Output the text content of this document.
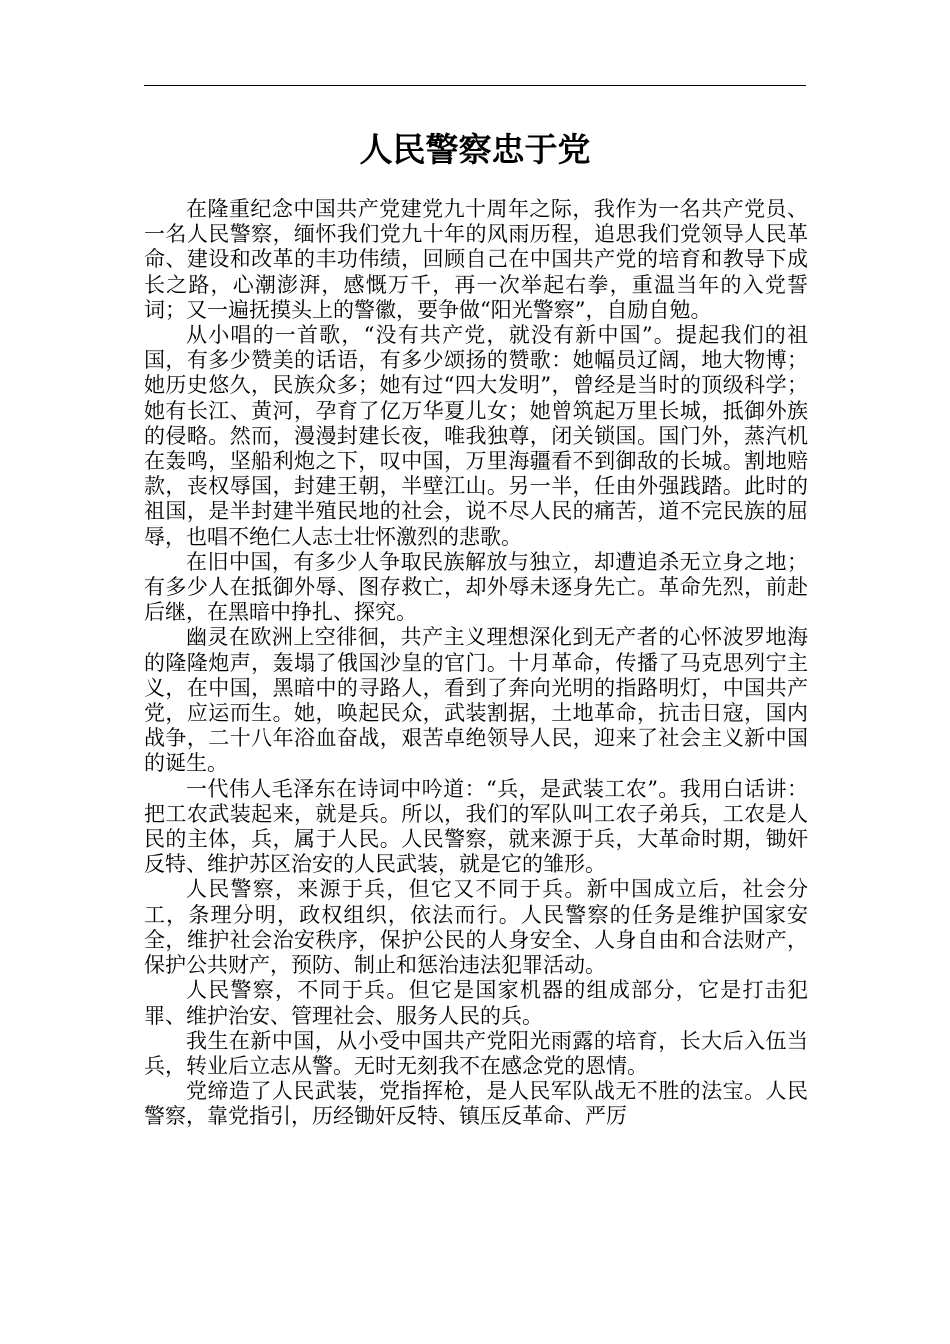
人民警察忠于党

在隆重纪念中国共产党建党九十周年之际，我作为一名共产党员、一名人民警察，缅怀我们党九十年的风雨历程，追思我们党领导人民革命、建设和改革的丰功伟绩，回顾自己在中国共产党的培育和教导下成长之路，心潮澎湃，感慨万千，再一次举起右拳，重温当年的入党誓词；又一遍抚摸头上的警徽，要争做“阳光警察”，自励自勉。

从小唱的一首歌，“没有共产党，就没有新中国”。提起我们的祖国，有多少赞美的话语，有多少颂扬的赞歌：她幅员辽阔，地大物博；她历史悠久，民族众多；她有过“四大发明”，曾经是当时的顶级科学；她有长江、黄河，孕育了亿万华夏儿女；她曾筑起万里长城，抵御外族的侵略。然而，漫漫封建长夜，唯我独尊，闭关锁国。国门外，蒸汽机在轰鸣，坚船利炮之下，叹中国，万里海疆看不到御敌的长城。割地赔款，丧权辱国，封建王朝，半壁江山。另一半，任由外强践踏。此时的祖国，是半封建半殖民地的社会，说不尽人民的痛苦，道不完民族的屈辱，也唱不绝仁人志士壮怀激烈的悲歌。

在旧中国，有多少人争取民族解放与独立，却遭追杀无立身之地；有多少人在抵御外辱、图存救亡，却外辱未逐身先亡。革命先烈，前赴后继，在黑暗中挣扎、探究。

幽灵在欧洲上空徘徊，共产主义理想深化到无产者的心怀波罗地海的隆隆炮声，轰塌了俄国沙皇的官门。十月革命，传播了马克思列宁主义，在中国，黑暗中的寻路人，看到了奔向光明的指路明灯，中国共产党，应运而生。她，唤起民众，武装割据，土地革命，抗击日寇，国内战争，二十八年浴血奋战，艰苦卓绝领导人民，迎来了社会主义新中国的诞生。

一代伟人毛泽东在诗词中吟道：“兵，是武装工农”。我用白话讲：把工农武装起来，就是兵。所以，我们的军队叫工农子弟兵，工农是人民的主体，兵，属于人民。人民警察，就来源于兵，大革命时期，锄奸反特、维护苏区治安的人民武装，就是它的雏形。

人民警察，来源于兵，但它又不同于兵。新中国成立后，社会分工，条理分明，政权组织，依法而行。人民警察的任务是维护国家安全，维护社会治安秩序，保护公民的人身安全、人身自由和合法财产，保护公共财产，预防、制止和惩治违法犯罪活动。

人民警察，不同于兵。但它是国家机器的组成部分，它是打击犯罪、维护治安、管理社会、服务人民的兵。

我生在新中国，从小受中国共产党阳光雨露的培育，长大后入伍当兵，转业后立志从警。无时无刻我不在感念党的恩情。

党缔造了人民武装，党指挥枪，是人民军队战无不胜的法宝。人民警察，靠党指引，历经锄奸反特、镇压反革命、严厉
